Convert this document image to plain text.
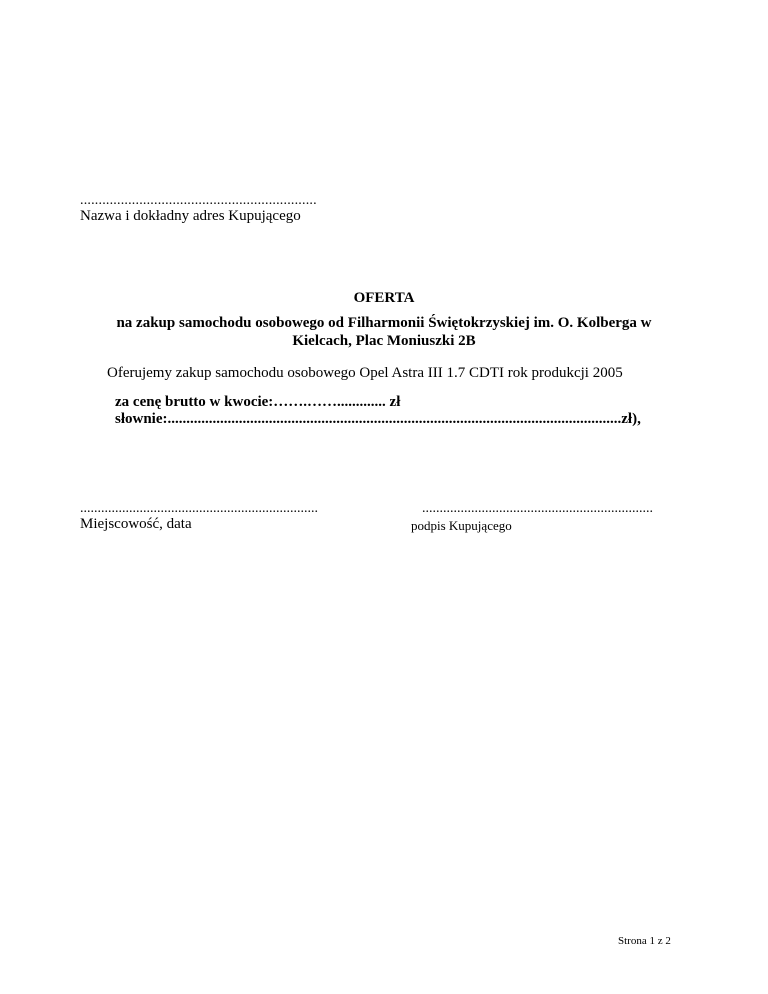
................................................................
Nazwa i dokładny adres Kupującego
OFERTA
na zakup samochodu osobowego od Filharmonii Świętokrzyskiej im. O. Kolberga w Kielcach, Plac Moniuszki 2B
Oferujemy zakup samochodu osobowego Opel Astra III 1.7 CDTI rok produkcji 2005
za cenę brutto w kwocie:…….……............. zł
słownie:.........................................................................................................................zł),
....................................................................	..................................................................
Miejscowość, data	podpis Kupującego
Strona 1 z 2
